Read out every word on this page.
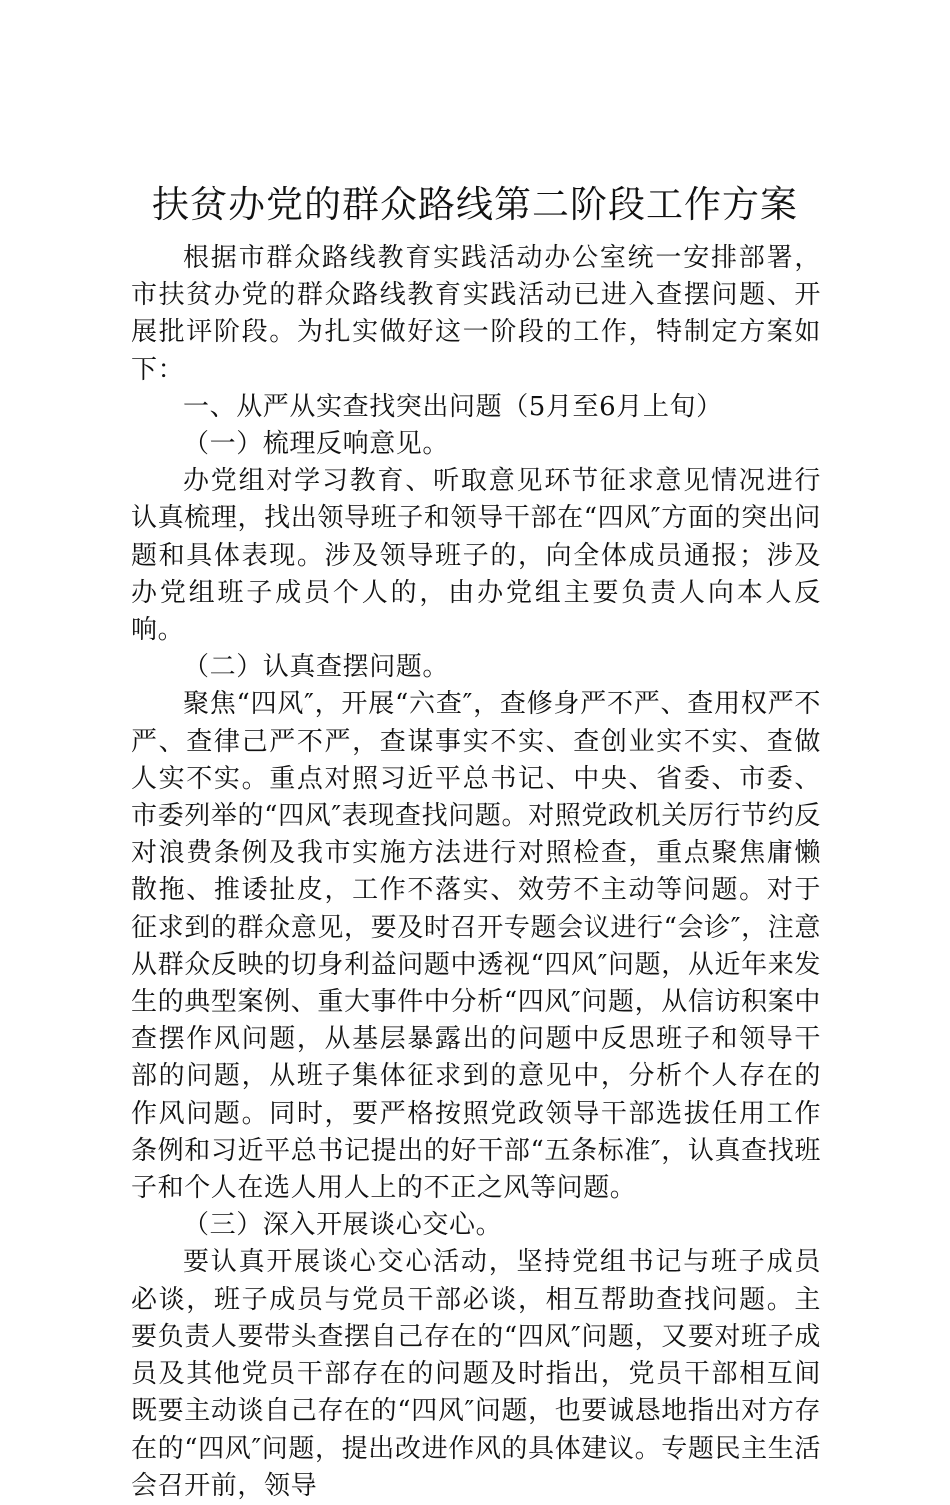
扶贫办党的群众路线第二阶段工作方案

根据市群众路线教育实践活动办公室统一安排部署，市扶贫办党的群众路线教育实践活动已进入查摆问题、开展批评阶段。为扎实做好这一阶段的工作，特制定方案如下：

一、从严从实查找突出问题（5月至6月上旬）

（一）梳理反响意见。

办党组对学习教育、听取意见环节征求意见情况进行认真梳理，找出领导班子和领导干部在“四风″方面的突出问题和具体表现。涉及领导班子的，向全体成员通报；涉及办党组班子成员个人的，由办党组主要负责人向本人反响。

（二）认真查摆问题。

聚焦“四风″，开展“六查″，查修身严不严、查用权严不严、查律己严不严，查谋事实不实、查创业实不实、查做人实不实。重点对照习近平总书记、中央、省委、市委、市委列举的“四风″表现查找问题。对照党政机关厉行节约反对浪费条例及我市实施方法进行对照检查，重点聚焦庸懒散拖、推诿扯皮，工作不落实、效劳不主动等问题。对于征求到的群众意见，要及时召开专题会议进行“会诊″，注意从群众反映的切身利益问题中透视“四风″问题，从近年来发生的典型案例、重大事件中分析“四风″问题，从信访积案中查摆作风问题，从基层暴露出的问题中反思班子和领导干部的问题，从班子集体征求到的意见中，分析个人存在的作风问题。同时，要严格按照党政领导干部选拔任用工作条例和习近平总书记提出的好干部“五条标准″，认真查找班子和个人在选人用人上的不正之风等问题。

（三）深入开展谈心交心。

要认真开展谈心交心活动，坚持党组书记与班子成员必谈，班子成员与党员干部必谈，相互帮助查找问题。主要负责人要带头查摆自己存在的“四风″问题，又要对班子成员及其他党员干部存在的问题及时指出，党员干部相互间既要主动谈自己存在的“四风″问题，也要诚恳地指出对方存在的“四风″问题，提出改进作风的具体建议。专题民主生活会召开前，领导
